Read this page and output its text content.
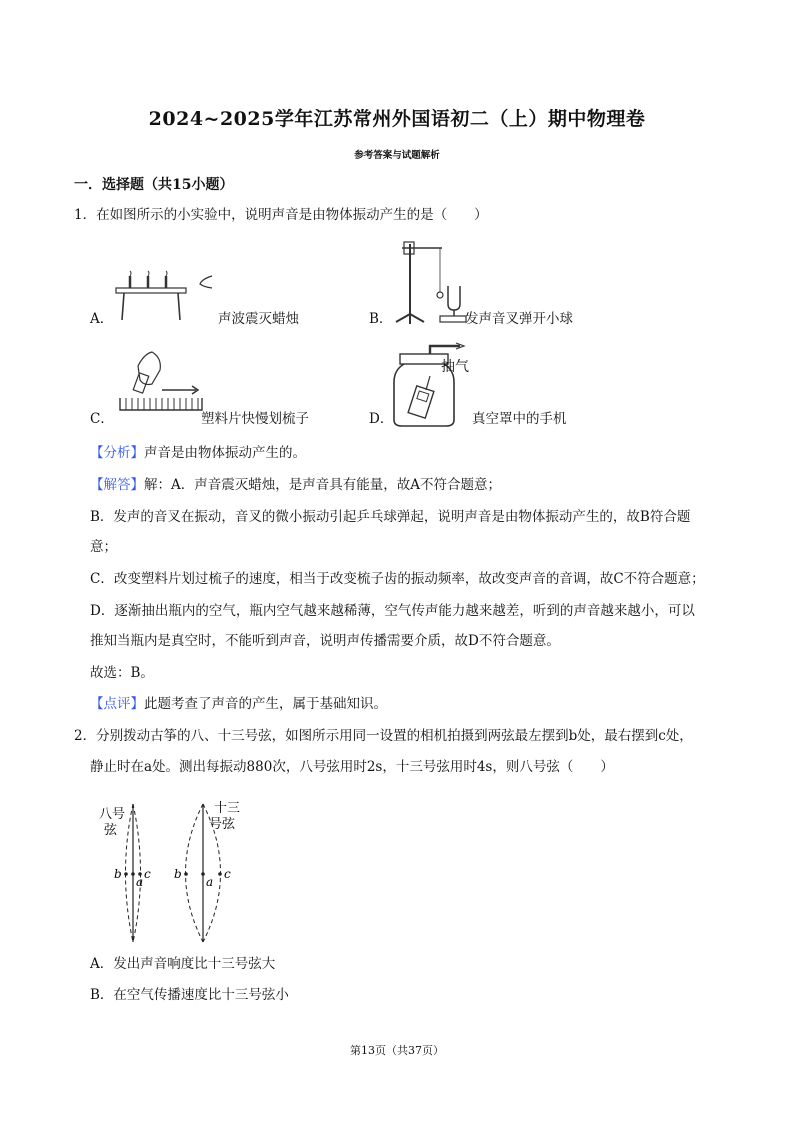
2024~2025学年江苏常州外国语初二（上）期中物理卷
参考答案与试题解析
一．选择题（共15小题）
1．在如图所示的小实验中，说明声音是由物体振动产生的是（　　）
A．	声波震灭蜡烛	B．	发声音叉弹开小球
C．	塑料片快慢划梳子	D．
抽气
真空罩中的手机
【分析】声音是由物体振动产生的。
【解答】解：A．声音震灭蜡烛，是声音具有能量，故A不符合题意；
B．发声的音叉在振动，音叉的微小振动引起乒乓球弹起，说明声音是由物体振动产生的，故B符合题
意；
C．改变塑料片划过梳子的速度，相当于改变梳子齿的振动频率，故改变声音的音调，故C不符合题意；
D．逐渐抽出瓶内的空气，瓶内空气越来越稀薄，空气传声能力越来越差，听到的声音越来越小，可以
推知当瓶内是真空时，不能听到声音，说明声传播需要介质，故D不符合题意。
故选：B。
【点评】此题考查了声音的产生，属于基础知识。
2．分别拨动古筝的八、十三号弦，如图所示用同一设置的相机拍摄到两弦最左摆到b处，最右摆到c处，
静止时在a处。测出每振动880次，八号弦用时2s，十三号弦用时4s，则八号弦（　　）
八号
弦
十三
号弦
b
a
c b
a
c
A．发出声音响度比十三号弦大
B．在空气传播速度比十三号弦小
第13页（共37页）
